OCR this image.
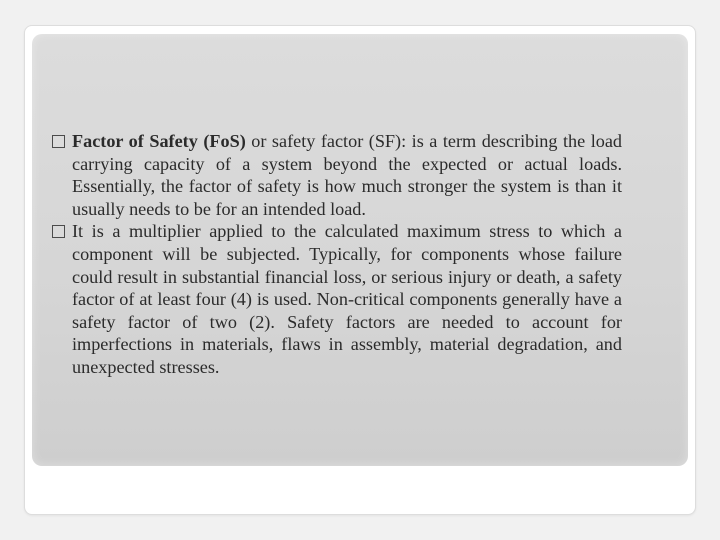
Factor of Safety (FoS) or safety factor (SF): is a term describing the load carrying capacity of a system beyond the expected or actual loads. Essentially, the factor of safety is how much stronger the system is than it usually needs to be for an intended load.
It is a multiplier applied to the calculated maximum stress to which a component will be subjected. Typically, for components whose failure could result in substantial financial loss, or serious injury or death, a safety factor of at least four (4) is used. Non-critical components generally have a safety factor of two (2). Safety factors are needed to account for imperfections in materials, flaws in assembly, material degradation, and unexpected stresses.
